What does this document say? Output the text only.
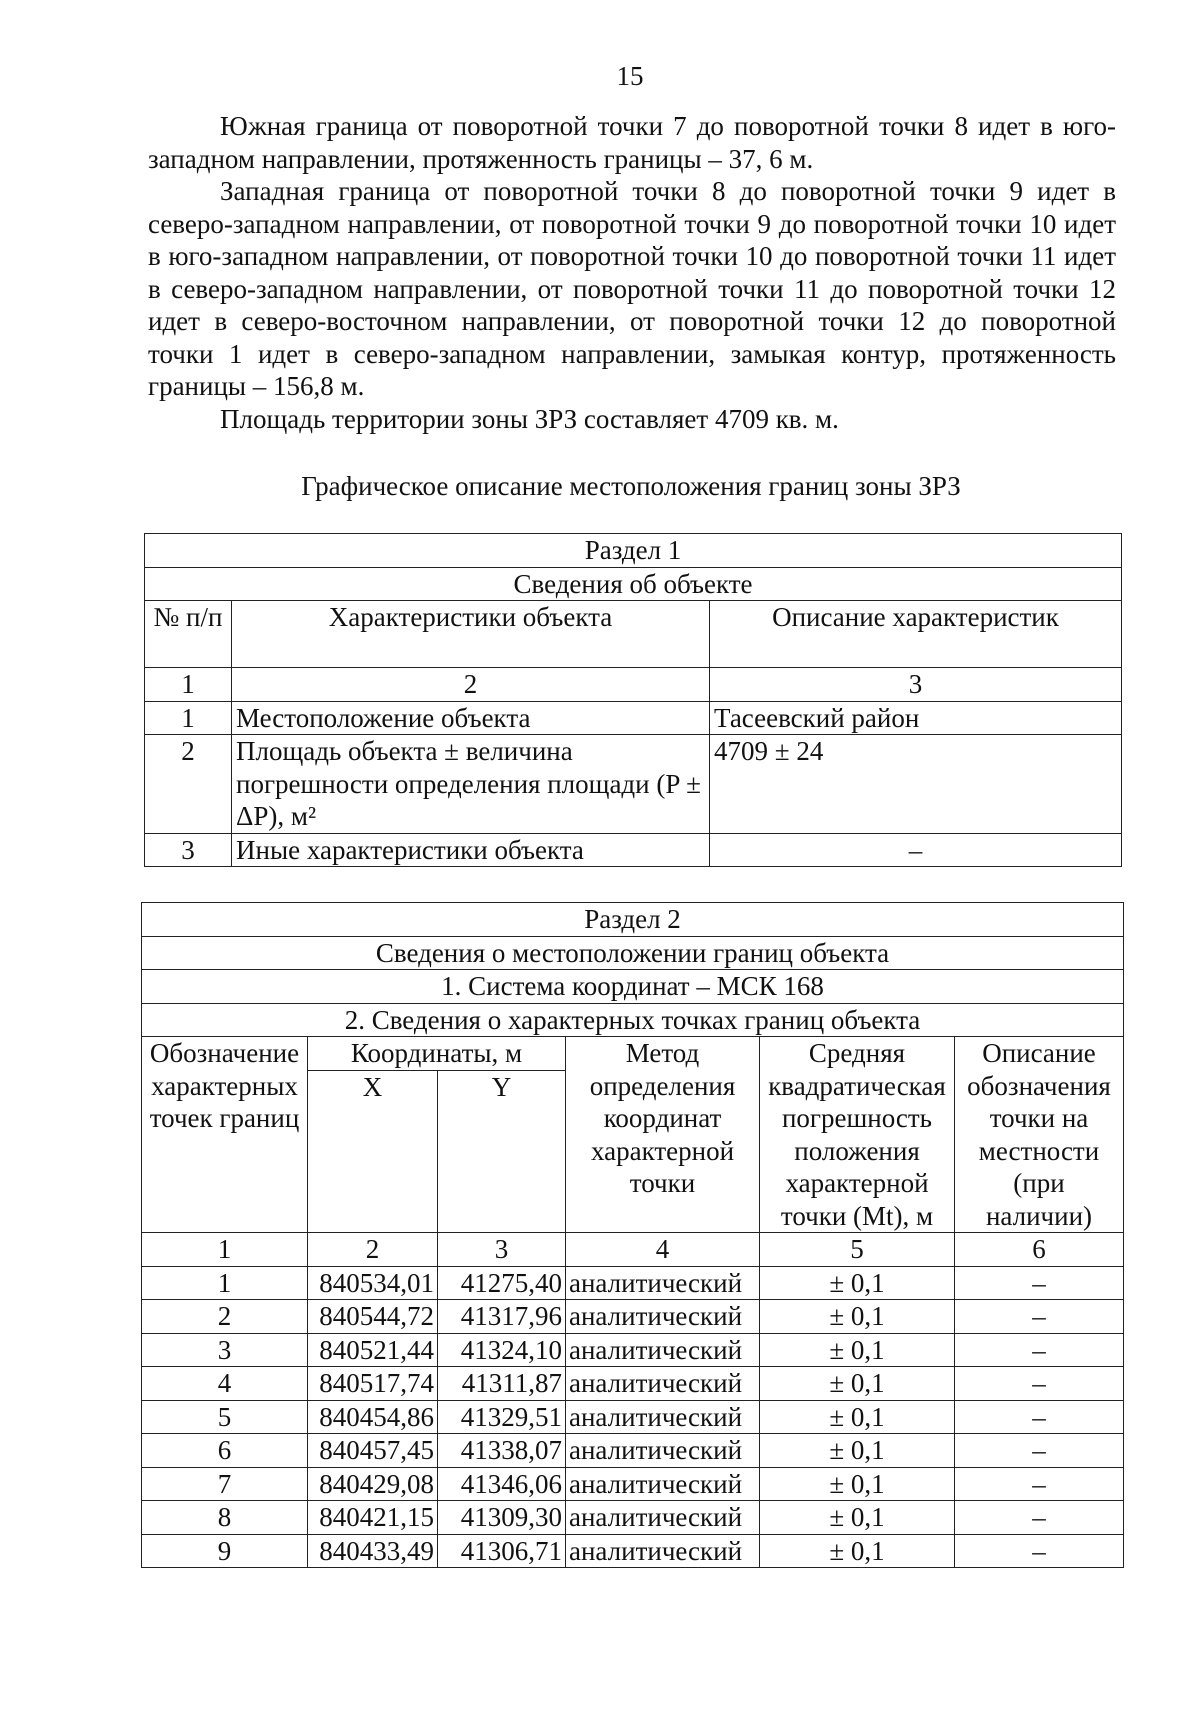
15

Южная граница от поворотной точки 7 до поворотной точки 8 идет в юго-западном направлении, протяженность границы – 37, 6 м.

Западная граница от поворотной точки 8 до поворотной точки 9 идет в северо-западном направлении, от поворотной точки 9 до поворотной точки 10 идет в юго-западном направлении, от поворотной точки 10 до поворотной точки 11 идет в северо-западном направлении, от поворотной точки 11 до поворотной точки 12 идет в северо-восточном направлении, от поворотной точки 12 до поворотной точки 1 идет в северо-западном направлении, замыкая контур, протяженность границы – 156,8 м.

Площадь территории зоны ЗРЗ составляет 4709 кв. м.

Графическое описание местоположения границ зоны ЗРЗ
Раздел 1		
Сведения об объекте		
№ п/п	Характеристики объекта	Описание характеристик
1	2	3
1	Местоположение объекта	Тасеевский район
2	Площадь объекта ± величина погрешности определения площади (P ± ΔP), м²	4709 ± 24
3	Иные характеристики объекта	–
Раздел 2					
Сведения о местоположении границ объекта					
1. Система координат – МСК 168					
2. Сведения о характерных точках границ объекта					
Обозначение характерных точек границ	Координаты, м		Метод определения координат характерной точки	Средняя квадратическая погрешность положения характерной точки (Mt), м	Описание обозначения точки на местности (при наличии)
	X	Y			
1	2	3	4	5	6
1	840534,01	41275,40	аналитический	± 0,1	–
2	840544,72	41317,96	аналитический	± 0,1	–
3	840521,44	41324,10	аналитический	± 0,1	–
4	840517,74	41311,87	аналитический	± 0,1	–
5	840454,86	41329,51	аналитический	± 0,1	–
6	840457,45	41338,07	аналитический	± 0,1	–
7	840429,08	41346,06	аналитический	± 0,1	–
8	840421,15	41309,30	аналитический	± 0,1	–
9	840433,49	41306,71	аналитический	± 0,1	–
